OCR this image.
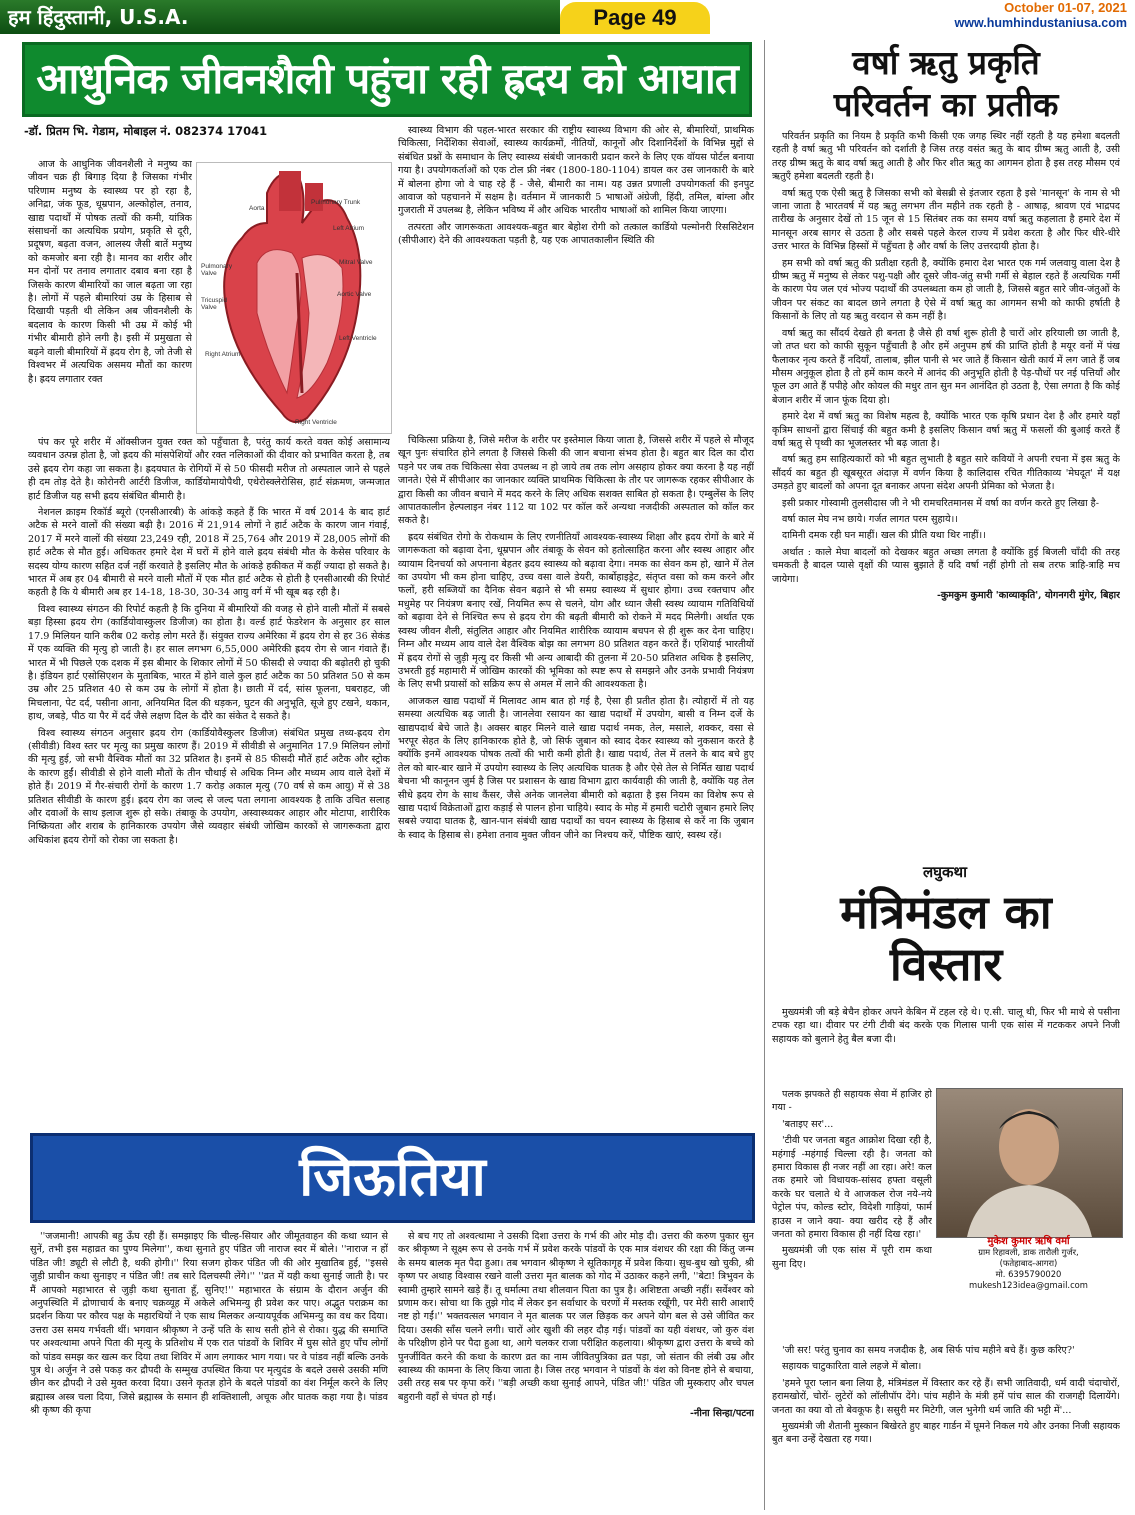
हम हिंदुस्तानी, U.S.A.	Page 49	October 01-07, 2021
www.humhindustaniusa.com
आधुनिक जीवनशैली पहुंचा रही ह्रदय को आघात
-डॉ. प्रितम भि. गेडाम, मोबाइल नं. 082374 17041
Aorta
Pulmonary Trunk
Left Atrium
Pulmonary Valve
Mitral Valve
Tricuspid Valve
Aortic Valve
Right Atrium
Left Ventricle
Right Ventricle

आज के आधुनिक जीवनशैली ने मनुष्य का जीवन चक्र ही बिगाड़ दिया है जिसका गंभीर परिणाम मनुष्य के स्वास्थ्य पर हो रहा है, अनिद्रा, जंक फूड, धूम्रपान, अल्कोहोल, तनाव, खाद्य पदार्थों में पोषक तत्वों की कमी, यांत्रिक संसाधनों का अत्यधिक प्रयोग, प्रकृति से दूरी, प्रदूषण, बढ़ता वजन, आलस्य जैसी बातें मनुष्य को कमजोर बना रही है। मानव का शरीर और मन दोनों पर तनाव लगातार दबाव बना रहा है जिसके कारण बीमारियों का जाल बढ़ता जा रहा है। लोगों में पहले बीमारियां उम्र के हिसाब से दिखायी पड़ती थी लेकिन अब जीवनशैली के बदलाव के कारण किसी भी उम्र में कोई भी गंभीर बीमारी होने लगी है। इसी में प्रमुखता से बढ़ने वाली बीमारियों में ह्रदय रोग है, जो तेजी से विश्वभर में अत्यधिक असमय मौतों का कारण है। ह्रदय लगातार रक्त

पंप कर पूरे शरीर में ऑक्सीजन युक्त रक्त को पहुँचाता है, परंतु कार्य करते वक्त कोई असामान्य व्यवधान उत्पन्न होता है, जो ह्रदय की मांसपेशियों और रक्त नलिकाओं की दीवार को प्रभावित करता है, तब उसे ह्रदय रोग कहा जा सकता है। ह्रदयघात के रोगियों में से 50 फीसदी मरीज तो अस्पताल जाने से पहले ही दम तोड़ देते है। कोरोनरी आर्टरी डिजीज, कार्डियोमायोपैथी, एथेरोस्क्लेरोसिस, हार्ट संक्रमण, जन्मजात हार्ट डिजीज यह सभी ह्रदय संबंधित बीमारी है।

नेशनल क्राइम रिकॉर्ड ब्यूरो (एनसीआरबी) के आंकड़े कहते हैं कि भारत में वर्ष 2014 के बाद हार्ट अटैक से मरने वालों की संख्या बढ़ी है। 2016 में 21,914 लोगों ने हार्ट अटैक के कारण जान गंवाई, 2017 में मरने वालों की संख्या 23,249 रही, 2018 में 25,764 और 2019 में 28,005 लोगों की हार्ट अटैक से मौत हुई। अधिकतर हमारे देश में घरों में होने वाले ह्रदय संबंधी मौत के केसेस परिवार के सदस्य योग्य कारण सहित दर्ज नहीं करवाते है इसलिए मौत के आंकड़े हकीकत में कहीं ज्यादा हो सकते है। भारत में अब हर 04 बीमारी से मरने वाली मौतों में एक मौत हार्ट अटैक से होती है एनसीआरबी की रिपोर्ट कहती है कि ये बीमारी अब हर 14-18, 18-30, 30-34 आयु वर्ग में भी खूब बढ़ रही है।

विश्व स्वास्थ्य संगठन की रिपोर्ट कहती है कि दुनिया में बीमारियों की वजह से होने वाली मौतों में सबसे बड़ा हिस्सा ह्रदय रोग (कार्डियोवास्कुलर डिजीज) का होता है। वर्ल्ड हार्ट फेडरेशन के अनुसार हर साल 17.9 मिलियन यानि करीब 02 करोड़ लोग मरते हैं। संयुक्त राज्य अमेरिका में ह्रदय रोग से हर 36 सेकंड में एक व्यक्ति की मृत्यु हो जाती है। हर साल लगभग 6,55,000 अमेरिकी ह्रदय रोग से जान गंवाते हैं। भारत में भी पिछले एक दशक में इस बीमार के शिकार लोगों में 50 फीसदी से ज्यादा की बढ़ोतरी हो चुकी है। इंडियन हार्ट एसोसिएशन के मुताबिक, भारत में होने वाले कुल हार्ट अटैक का 50 प्रतिशत 50 से कम उम्र और 25 प्रतिशत 40 से कम उम्र के लोगों में होता है। छाती में दर्द, सांस फूलना, घबराहट, जी मिचलाना, पेट दर्द, पसीना आना, अनियमित दिल की धड़कन, घुटन की अनुभूति, सूजे हुए टखने, थकान, हाथ, जबड़े, पीठ या पैर में दर्द जैसे लक्षण दिल के दौरे का संकेत दे सकते है।

विश्व स्वास्थ्य संगठन अनुसार ह्रदय रोग (कार्डियोवैस्कुलर डिजीज) संबंधित प्रमुख तथ्य-ह्रदय रोग (सीवीडी) विश्व स्तर पर मृत्यु का प्रमुख कारण हैं। 2019 में सीवीडी से अनुमानित 17.9 मिलियन लोगों की मृत्यु हुई, जो सभी वैश्विक मौतों का 32 प्रतिशत है। इनमें से 85 फीसदी मौतें हार्ट अटैक और स्ट्रोक के कारण हुईं। सीवीडी से होने वाली मौतों के तीन चौथाई से अधिक निम्न और मध्यम आय वाले देशों में होते हैं। 2019 में गैर-संचारी रोगों के कारण 1.7 करोड़ अकाल मृत्यु (70 वर्ष से कम आयु) में से 38 प्रतिशत सीवीडी के कारण हुई। ह्रदय रोग का जल्द से जल्द पता लगाना आवश्यक है ताकि उचित सलाह और दवाओं के साथ इलाज शुरू हो सके। तंबाकू के उपयोग, अस्वास्थ्यकर आहार और मोटापा, शारीरिक निष्क्रियता और शराब के हानिकारक उपयोग जैसे व्यवहार संबंधी जोखिम कारकों से जागरूकता द्वारा अधिकांश ह्रदय रोगों को रोका जा सकता है।

स्वास्थ्य विभाग की पहल-भारत सरकार की राष्ट्रीय स्वास्थ्य विभाग की ओर से, बीमारियों, प्राथमिक चिकित्सा, निर्देशिका सेवाओं, स्वास्थ्य कार्यक्रमों, नीतियों, कानूनों और दिशानिर्देशों के विभिन्न मुद्दों से संबंधित प्रश्नों के समाधान के लिए स्वास्थ्य संबंधी जानकारी प्रदान करने के लिए एक वॉयस पोर्टल बनाया गया है। उपयोगकर्ताओं को एक टोल फ्री नंबर (1800-180-1104) डायल कर उस जानकारी के बारे में बोलना होगा जो वे चाह रहे हैं - जैसे, बीमारी का नाम। यह उन्नत प्रणाली उपयोगकर्ता की इनपुट आवाज को पहचानने में सक्षम है। वर्तमान में जानकारी 5 भाषाओं अंग्रेजी, हिंदी, तमिल, बांग्ला और गुजराती में उपलब्ध है, लेकिन भविष्य में और अधिक भारतीय भाषाओं को शामिल किया जाएगा।

तत्परता और जागरूकता आवश्यक-बहुत बार बेहोश रोगी को तत्काल कार्डियो पल्मोनरी रिससिटेशन (सीपीआर) देने की आवश्यकता पड़ती है, यह एक आपातकालीन स्थिति की

चिकित्सा प्रक्रिया है, जिसे मरीज के शरीर पर इस्तेमाल किया जाता है, जिससे शरीर में पहले से मौजूद खून पुनः संचारित होने लगता है जिससे किसी की जान बचाना संभव होता है। बहुत बार दिल का दौरा पड़ने पर जब तक चिकित्सा सेवा उपलब्ध न हो जाये तब तक लोग असहाय होकर क्या करना है यह नहीं जानते। ऐसे में सीपीआर का जानकार व्यक्ति प्राथमिक चिकित्सा के तौर पर जागरूक रहकर सीपीआर के द्वारा किसी का जीवन बचाने में मदद करने के लिए अधिक सशक्त साबित हो सकता है। एम्बुलेंस के लिए आपातकालीन हेल्पलाइन नंबर 112 या 102 पर कॉल करें अन्यथा नजदीकी अस्पताल को कॉल कर सकते है।

ह्रदय संबंधित रोगो के रोकथाम के लिए रणनीतियाँ आवश्यक-स्वास्थ्य शिक्षा और ह्रदय रोगों के बारे में जागरूकता को बढ़ावा देना, धूम्रपान और तंबाकू के सेवन को हतोत्साहित करना और स्वस्थ आहार और व्यायाम दिनचर्या को अपनाना बेहतर ह्रदय स्वास्थ्य को बढ़ावा देगा। नमक का सेवन कम हो, खाने में तेल का उपयोग भी कम होना चाहिए, उच्च वसा वाले डेयरी, कार्बोहाइड्रेट, संतृप्त वसा को कम करने और फलों, हरी सब्जियों का दैनिक सेवन बढ़ाने से भी समग्र स्वास्थ्य में सुधार होगा। उच्च रक्तचाप और मधुमेह पर नियंत्रण बनाए रखें, नियमित रूप से चलने, योग और ध्यान जैसी स्वस्थ व्यायाम गतिविधियों को बढ़ावा देने से निश्चित रूप से ह्रदय रोग की बढ़ती बीमारी को रोकने में मदद मिलेगी। अर्थात एक स्वस्थ जीवन शैली, संतुलित आहार और नियमित शारीरिक व्यायाम बचपन से ही शुरू कर देना चाहिए। निम्न और मध्यम आय वाले देश वैश्विक बोझ का लगभग 80 प्रतिशत वहन करते हैं। एशियाई भारतीयों में ह्रदय रोगों से जुड़ी मृत्यु दर किसी भी अन्य आबादी की तुलना में 20-50 प्रतिशत अधिक है इसलिए, उभरती हुई महामारी में जोखिम कारकों की भूमिका को स्पष्ट रूप से समझने और उनके प्रभावी नियंत्रण के लिए सभी प्रयासों को सक्रिय रूप से अमल में लाने की आवश्यकता है।

आजकल खाद्य पदार्थों में मिलावट आम बात हो गई है, ऐसा ही प्रतीत होता है। त्योहारों में तो यह समस्या अत्यधिक बढ़ जाती है। जानलेवा रसायन का खाद्य पदार्थों में उपयोग, बासी व निम्न दर्जे के खाद्यपदार्थ बेचे जाते है। अक्सर बाहर मिलने वाले खाद्य पदार्थ नमक, तेल, मसाले, शक्कर, वसा से भरपूर सेहत के लिए हानिकारक होते है, जो सिर्फ जुबान को स्वाद देकर स्वास्थ्य को नुकसान करते है क्योंकि इनमें आवश्यक पोषक तत्वों की भारी कमी होती है। खाद्य पदार्थ, तेल में तलने के बाद बचे हुए तेल को बार-बार खाने में उपयोग स्वास्थ्य के लिए अत्यधिक घातक है और ऐसे तेल से निर्मित खाद्य पदार्थ बेचना भी कानूनन जुर्म है जिस पर प्रशासन के खाद्य विभाग द्वारा कार्यवाही की जाती है, क्योंकि यह तेल सीधे ह्रदय रोग के साथ कैंसर, जैसे अनेक जानलेवा बीमारी को बढ़ाता है इस नियम का विशेष रूप से खाद्य पदार्थ विक्रेताओं द्वारा कड़ाई से पालन होना चाहिये। स्वाद के मोह में हमारी चटोरी जुबान हमारे लिए सबसे ज्यादा घातक है, खान-पान संबंधी खाद्य पदार्थों का चयन स्वास्थ्य के हिसाब से करें ना कि जुबान के स्वाद के हिसाब से। हमेशा तनाव मुक्त जीवन जीने का निश्चय करें, पौष्टिक खाएं, स्वस्थ रहें।

वर्षा ऋतु प्रकृति
परिवर्तन का प्रतीक

परिवर्तन प्रकृति का नियम है प्रकृति कभी किसी एक जगह स्थिर नहीं रहती है यह हमेशा बदलती रहती है वर्षा ऋतु भी परिवर्तन को दर्शाती है जिस तरह वसंत ऋतु के बाद ग्रीष्म ऋतु आती है, उसी तरह ग्रीष्म ऋतु के बाद वर्षा ऋतु आती है और फिर शीत ऋतु का आगमन होता है इस तरह मौसम एवं ऋतुएँ हमेशा बदलती रहती है।

वर्षा ऋतु एक ऐसी ऋतु है जिसका सभी को बेसब्री से इंतजार रहता है इसे 'मानसून' के नाम से भी जाना जाता है भारतवर्ष में यह ऋतु लगभग तीन महीने तक रहती है - आषाढ़, श्रावण एवं भाद्रपद तारीख के अनुसार देखें तो 15 जून से 15 सितंबर तक का समय वर्षा ऋतु कहलाता है हमारे देश में मानसून अरब सागर से उठता है और सबसे पहले केरल राज्य में प्रवेश करता है और फिर धीरे-धीरे उत्तर भारत के विभिन्न हिस्सों में पहुँचता है और वर्षा के लिए उत्तरदायी होता है।

हम सभी को वर्षा ऋतु की प्रतीक्षा रहती है, क्योंकि हमारा देश भारत एक गर्म जलवायु वाला देश है ग्रीष्म ऋतु में मनुष्य से लेकर पशु-पक्षी और दूसरे जीव-जंतु सभी गर्मी से बेहाल रहते हैं अत्यधिक गर्मी के कारण पेय जल एवं भोज्य पदार्थों की उपलब्धता कम हो जाती है, जिससे बहुत सारे जीव-जंतुओं के जीवन पर संकट का बादल छाने लगता है ऐसे में वर्षा ऋतु का आगमन सभी को काफी हर्षाती है किसानों के लिए तो यह ऋतु वरदान से कम नहीं है।

वर्षा ऋतु का सौंदर्य देखते ही बनता है जैसे ही वर्षा शुरू होती है चारों ओर हरियाली छा जाती है, जो तप्त धरा को काफी सुकून पहुँचाती है और हमें अनुपम हर्ष की प्राप्ति होती है मयूर वनों में पंख फैलाकर नृत्य करते हैं नदियाँ, तालाब, झील पानी से भर जाते हैं किसान खेती कार्य में लग जाते हैं जब मौसम अनुकूल होता है तो हमें काम करने में आनंद की अनुभूति होती है पेड़-पौधों पर नई पत्तियाँ और फूल उग आते हैं पपीहे और कोयल की मधुर तान सुन मन आनंदित हो उठता है, ऐसा लगता है कि कोई बेजान शरीर में जान फूंक दिया हो।

हमारे देश में वर्षा ऋतु का विशेष महत्व है, क्योंकि भारत एक कृषि प्रधान देश है और हमारे यहाँ कृत्रिम साधनों द्वारा सिंचाई की बहुत कमी है इसलिए किसान वर्षा ऋतु में फसलों की बुआई करते हैं वर्षा ऋतु से पृथ्वी का भूजलस्तर भी बढ़ जाता है।

वर्षा ऋतु हम साहित्यकारों को भी बहुत लुभाती है बहुत सारे कवियों ने अपनी रचना में इस ऋतु के सौंदर्य का बहुत ही खूबसूरत अंदाज़ में वर्णन किया है कालिदास रचित गीतिकाव्य 'मेघदूत' में यक्ष उमड़ते हुए बादलों को अपना दूत बनाकर अपना संदेश अपनी प्रेमिका को भेजता है।

इसी प्रकार गोस्वामी तुलसीदास जी ने भी रामचरितमानस में वर्षा का वर्णन करते हुए लिखा है-

वर्षा काल मेघ नभ छाये। गर्जत लागत परम सुहाये।।

दामिनी दमक रही घन माहीं। खल की प्रीति यथा थिर नाहीं।।

अर्थात : काले मेघा बादलों को देखकर बहुत अच्छा लगता है क्योंकि हुई बिजली चाँदी की तरह चमकती है बादल प्यासे वृक्षों की प्यास बुझाते हैं यदि वर्षा नहीं होगी तो सब तरफ त्राहि-त्राहि मच जायेगा।

-कुमकुम कुमारी 'काव्याकृति', योगनगरी मुंगेर, बिहार

लघुकथा
मंत्रिमंडल का
विस्तार

मुख्यमंत्री जी बड़े बेचैन होकर अपने केबिन में टहल रहे थे। ए.सी. चालू थी, फिर भी माथे से पसीना टपक रहा था। दीवार पर टंगी टीवी बंद करके एक गिलास पानी एक सांस में गटककर अपने निजी सहायक को बुलाने हेतु बैल बजा दी।

पलक झपकते ही सहायक सेवा में हाजिर हो गया -

'बताइए सर'...

'टीवी पर जनता बहुत आक्रोश दिखा रही है, महंगाई -महंगाई चिल्ला रही है। जनता को हमारा विकास ही नजर नहीं आ रहा। अरे! कल तक हमारे जो विधायक-सांसद हफ्ता वसूली करके घर चलाते थे वे आजकल रोज नये-नये पेट्रोल पंप, कोल्ड स्टोर, विदेशी गाड़ियां, फार्म हाउस न जाने क्या- क्या खरीद रहे हैं और जनता को हमारा विकास ही नहीं दिख रहा।'

मुख्यमंत्री जी एक सांस में पूरी राम कथा सुना दिए।

मुकेश कुमार ऋषि वर्मा
ग्राम रिहावली, डाक तारौली गुर्जर,
(फतेहाबाद-आगरा)
मो. 6395790020
mukesh123idea@gmail.com

'जी सर! परंतु चुनाव का समय नजदीक है, अब सिर्फ पांच महीने बचे हैं। कुछ करिए?'

सहायक चाटुकारिता वाले लहजे में बोला।

'हमने पूरा प्लान बना लिया है, मंत्रिमंडल में विस्तार कर रहे हैं। सभी जातिवादी, धर्म वादी चंदाचोरों, हरामखोरों, चोरों- लुटेरों को लॉलीपॉप देंगे। पांच महीने के मंत्री हमें पांच साल की राजगद्दी दिलायेंगे। जनता का क्या वो तो बेवकूफ है। ससुरी मर मिटेगी, जल भुनेगी धर्म जाति की भट्टी में'...

मुख्यमंत्री जी शैतानी मुस्कान बिखेरते हुए बाहर गार्डन में घूमने निकल गये और उनका निजी सहायक बुत बना उन्हें देखता रह गया।

जिऊतिया

''जजमानी! आपकी बहु ऊँघ रही हैं। समझाइए कि चील्ह-सियार और जीमूतवाहन की कथा ध्यान से सुनें, तभी इस महाव्रत का पुण्य मिलेगा'', कथा सुनाते हुए पंडित जी नाराज स्वर में बोले। ''नाराज न हों पंडित जी! ड्यूटी से लौटी है, थकी होगी।'' रिया सजग होकर पंडित जी की ओर मुखातिब हुई, ''इससे जुड़ी प्राचीन कथा सुनाइए न पंडित जी! तब सारे दिलचस्पी लेंगे।'' ''व्रत में यही कथा सुनाई जाती है। पर मैं आपको महाभारत से जुड़ी कथा सुनाता हूँ, सुनिए!'' महाभारत के संग्राम के दौरान अर्जुन की अनुपस्थिति में द्रोणाचार्य के बनाए चक्रव्यूह में अकेले अभिमन्यु ही प्रवेश कर पाए। अद्भुत पराक्रम का प्रदर्शन किया पर कौरव पक्ष के महारथियों ने एक साथ मिलकर अन्यायपूर्वक अभिमन्यु का वध कर दिया। उत्तरा उस समय गर्भवती थीं। भगवान श्रीकृष्ण ने उन्हें पति के साथ सती होने से रोका। युद्ध की समाप्ति पर अश्वत्थामा अपने पिता की मृत्यु के प्रतिशोध में एक रात पांडवों के शिविर में घुस सोते हुए पाँच लोगों को पांडव समझ कर खत्म कर दिया तथा शिविर में आग लगाकर भाग गया। पर वे पांडव नहीं बल्कि उनके पुत्र थे। अर्जुन ने उसे पकड़ कर द्रौपदी के सम्मुख उपस्थित किया पर मृत्युदंड के बदले उससे उसकी मणि छीन कर द्रौपदी ने उसे मुक्त करवा दिया। उसने कृतज्ञ होने के बदले पांडवों का वंश निर्मूल करने के लिए ब्रह्मास्त्र अस्त्र चला दिया, जिसे ब्रह्मास्त्र के समान ही शक्तिशाली, अचूक और घातक कहा गया है। पांडव श्री कृष्ण की कृपा

से बच गए तो अश्वत्थामा ने उसकी दिशा उत्तरा के गर्भ की ओर मोड़ दी। उत्तरा की करुण पुकार सुन कर श्रीकृष्ण ने सूक्ष्म रूप से उनके गर्भ में प्रवेश करके पांडवों के एक मात्र वंशधर की रक्षा की किंतु जन्म के समय बालक मृत पैदा हुआ। तब भगवान श्रीकृष्ण ने सूतिकागृह में प्रवेश किया। सुध-बुध खो चुकी, श्री कृष्ण पर अथाह विश्वास रखने वाली उत्तरा मृत बालक को गोद में उठाकर कहने लगी, ''बेटा! त्रिभुवन के स्वामी तुम्हारे सामने खड़े हैं। तू धर्मात्मा तथा शीलवान पिता का पुत्र है। अशिष्टता अच्छी नहीं। सर्वेश्वर को प्रणाम कर। सोचा था कि तुझे गोद में लेकर इन सर्वाधार के चरणों में मस्तक रखूँगी, पर मेरी सारी आशाएँ नष्ट हो गईं।'' भक्तवत्सल भगवान ने मृत बालक पर जल छिड़क कर अपने योग बल से उसे जीवित कर दिया। उसकी साँस चलने लगी। चारों ओर खुशी की लहर दौड़ गई। पांडवों का यही वंशधर, जो कुरु वंश के परिक्षीण होने पर पैदा हुआ था, आगे चलकर राजा परीक्षित कहलाया। श्रीकृष्ण द्वारा उत्तरा के बच्चे को पुनर्जीवित करने की कथा के कारण व्रत का नाम जीवितपुत्रिका व्रत पड़ा, जो संतान की लंबी उम्र और स्वास्थ्य की कामना के लिए किया जाता है। जिस तरह भगवान ने पांडवों के वंश को विनष्ट होने से बचाया, उसी तरह सब पर कृपा करें। ''बड़ी अच्छी कथा सुनाई आपने, पंडित जी!' पंडित जी मुस्कराए और चपल बहुरानी वहाँ से चंपत हो गईं।

-नीना सिन्हा/पटना
